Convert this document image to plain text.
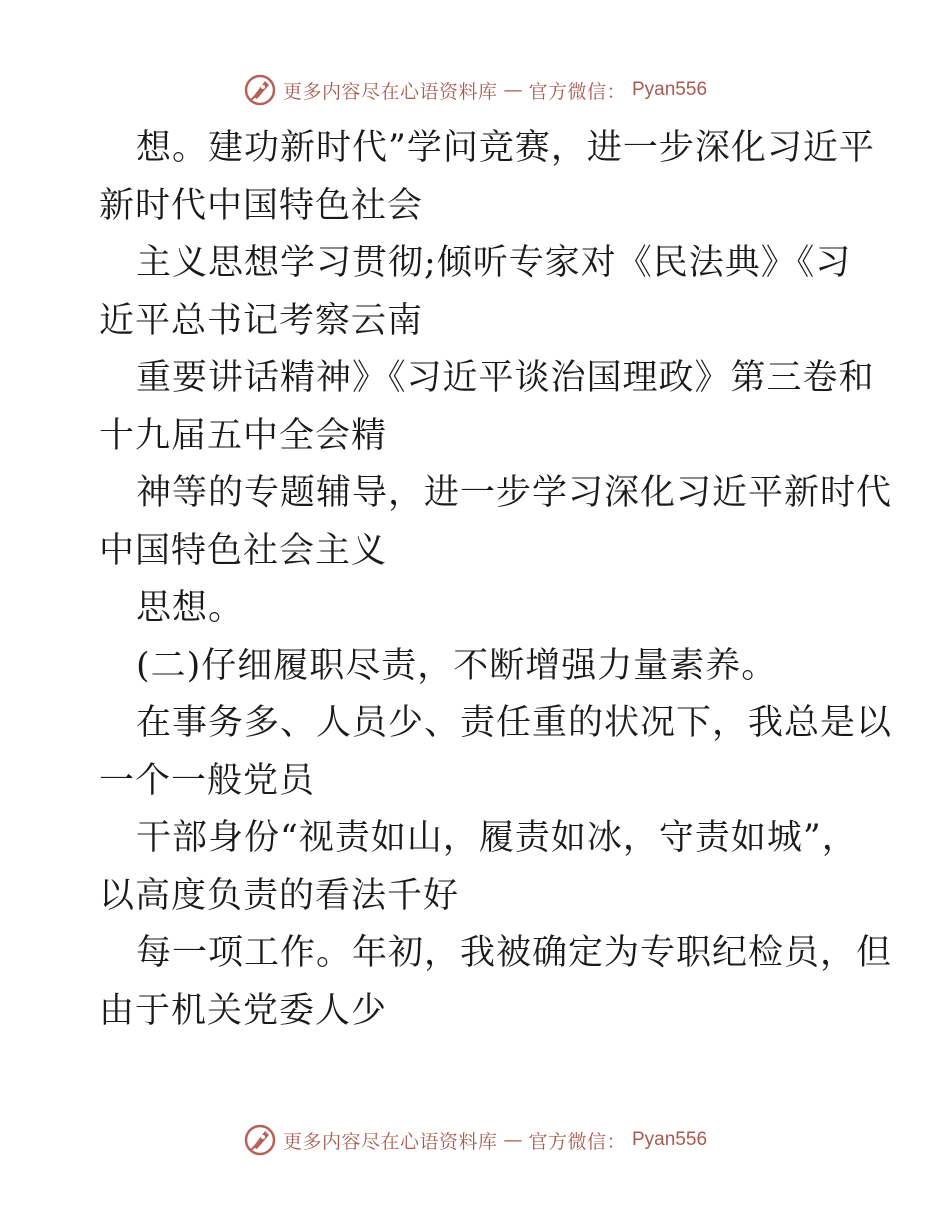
更多内容尽在心语资料库 — 官方微信： Pyan556
想。建功新时代”学问竞赛，进一步深化习近平
新时代中国特色社会
主义思想学习贯彻;倾听专家对《民法典》《习
近平总书记考察云南
重要讲话精神》《习近平谈治国理政》第三卷和
十九届五中全会精
神等的专题辅导，进一步学习深化习近平新时代
中国特色社会主义
思想。
(二)仔细履职尽责，不断增强力量素养。
在事务多、人员少、责任重的状况下，我总是以
一个一般党员
干部身份“视责如山，履责如冰，守责如城”，
以高度负责的看法千好
每一项工作。年初，我被确定为专职纪检员，但
由于机关党委人少
更多内容尽在心语资料库 — 官方微信： Pyan556
